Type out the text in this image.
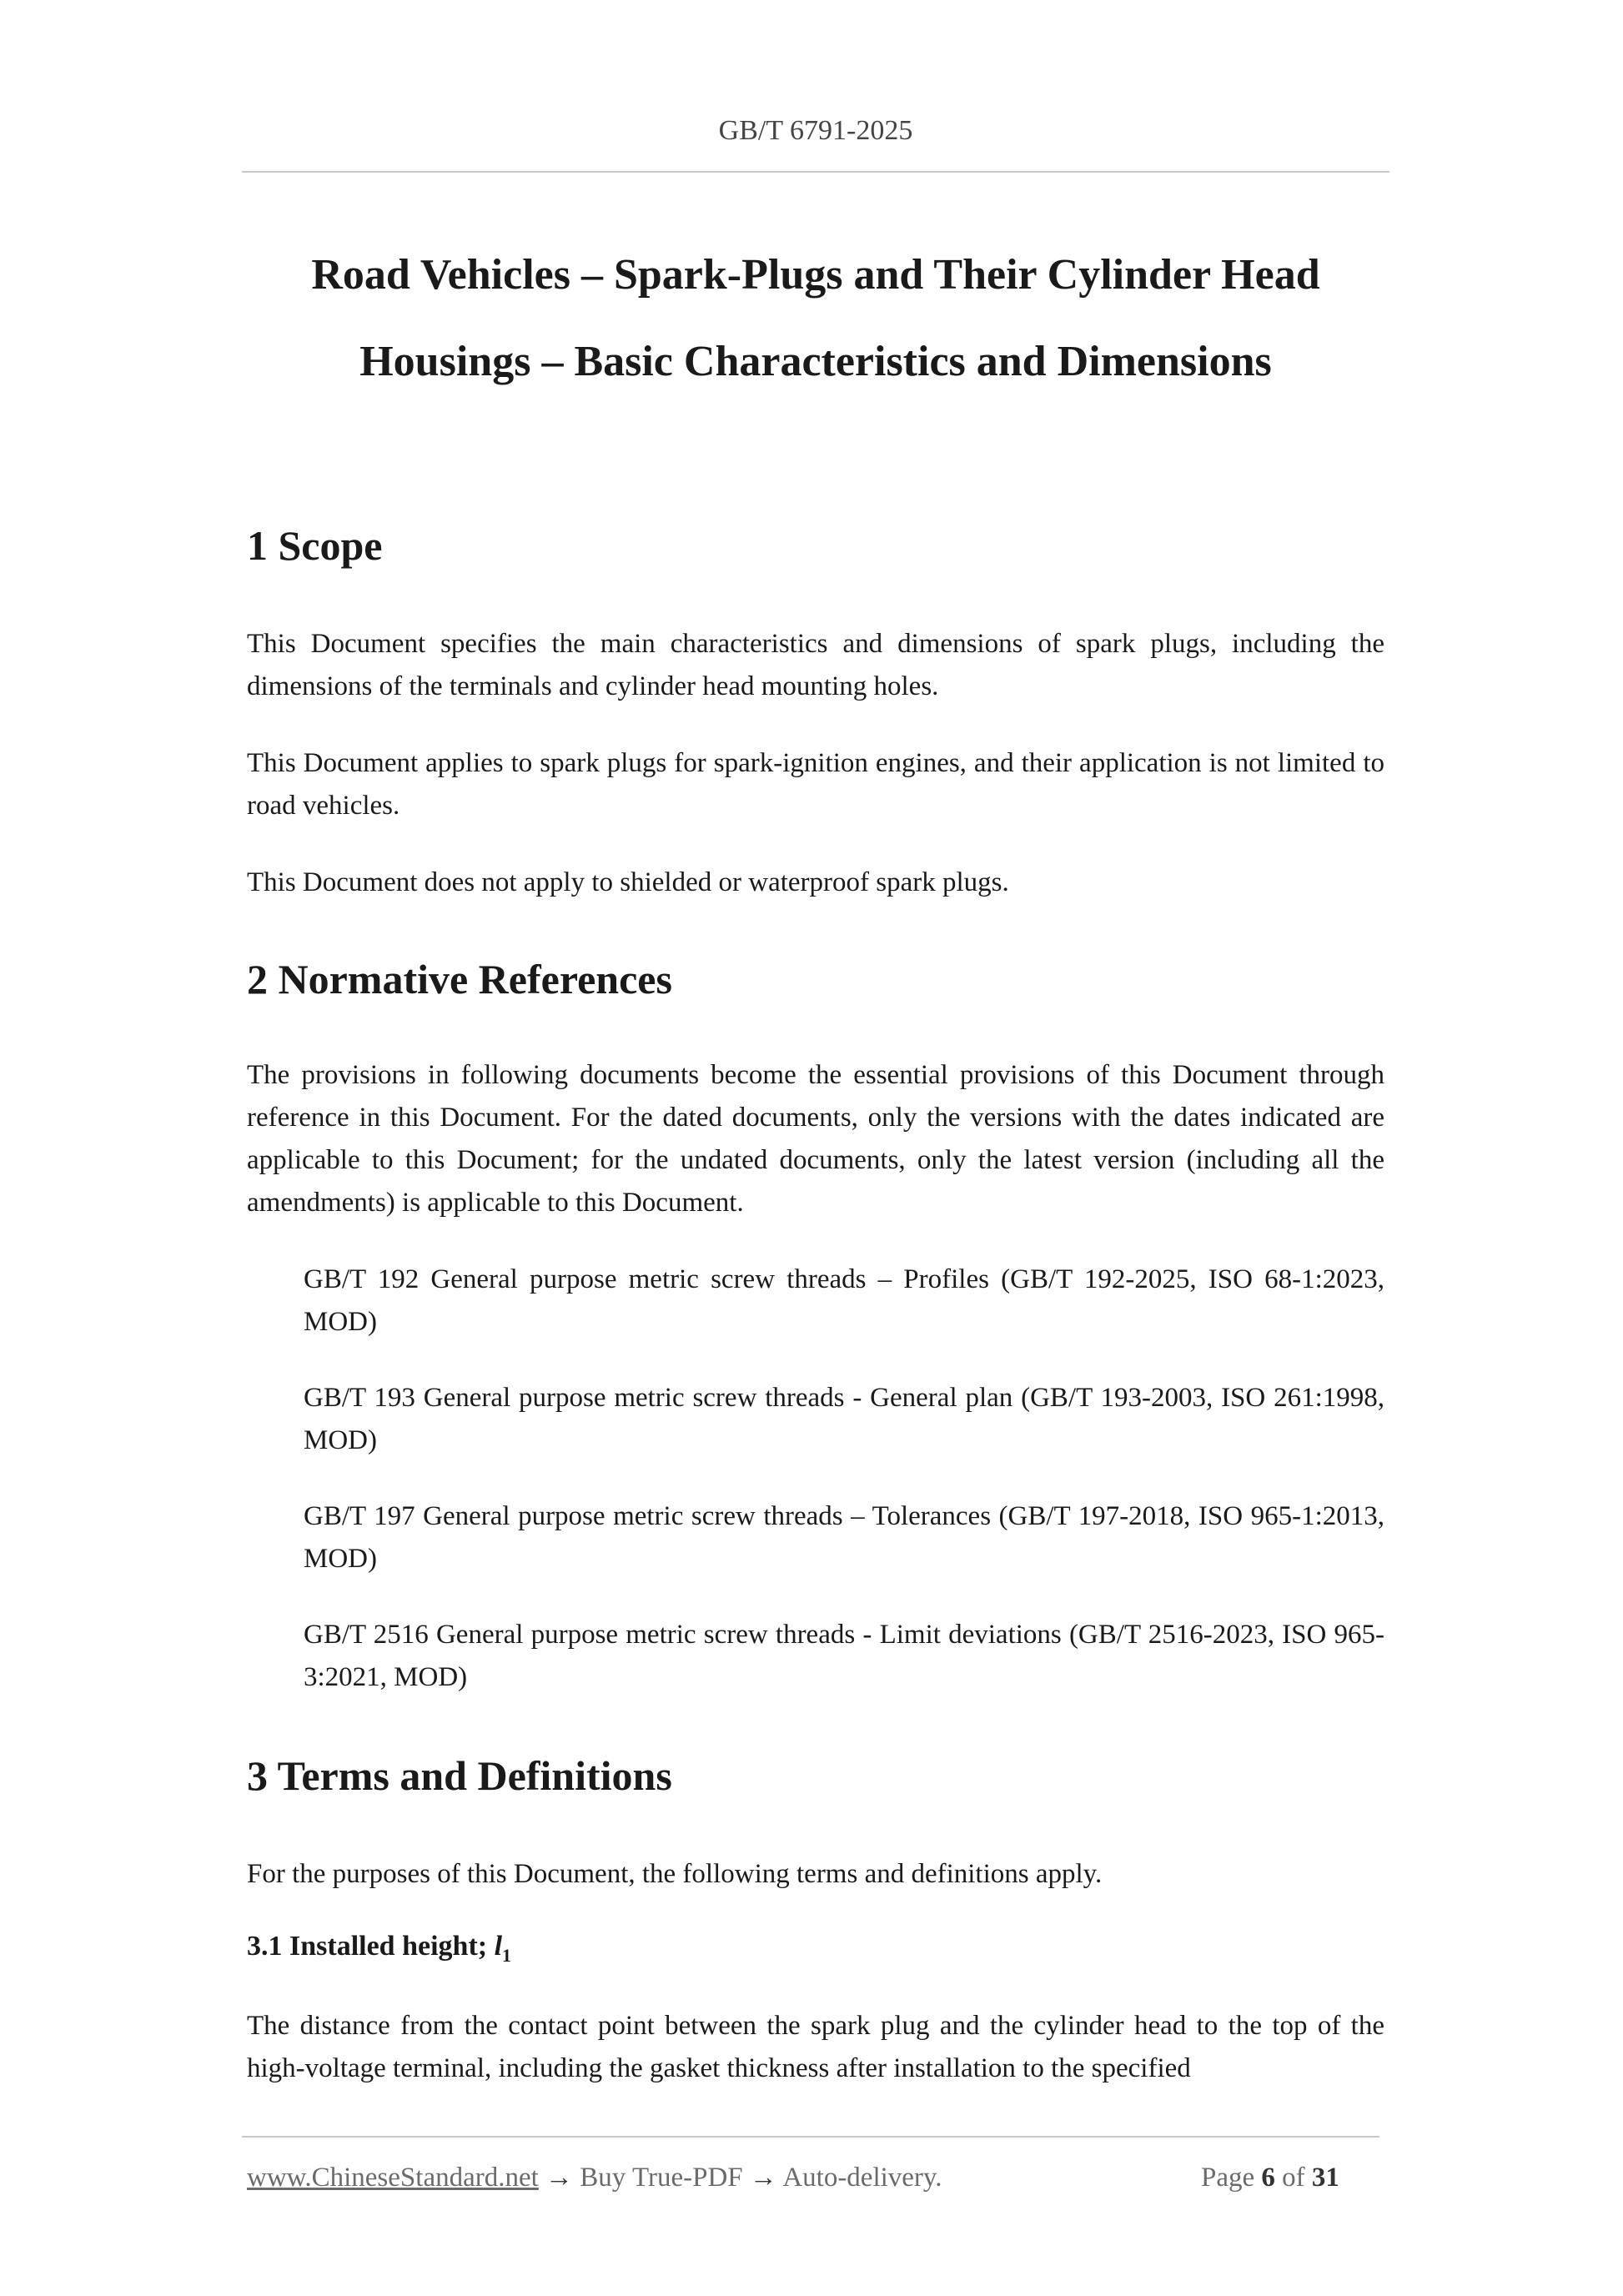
GB/T 6791-2025
Road Vehicles – Spark-Plugs and Their Cylinder Head
Housings – Basic Characteristics and Dimensions
1 Scope
This Document specifies the main characteristics and dimensions of spark plugs, including the dimensions of the terminals and cylinder head mounting holes.
This Document applies to spark plugs for spark-ignition engines, and their application is not limited to road vehicles.
This Document does not apply to shielded or waterproof spark plugs.
2 Normative References
The provisions in following documents become the essential provisions of this Document through reference in this Document. For the dated documents, only the versions with the dates indicated are applicable to this Document; for the undated documents, only the latest version (including all the amendments) is applicable to this Document.
GB/T 192 General purpose metric screw threads – Profiles (GB/T 192-2025, ISO 68-1:2023, MOD)
GB/T 193 General purpose metric screw threads - General plan (GB/T 193-2003, ISO 261:1998, MOD)
GB/T 197 General purpose metric screw threads – Tolerances (GB/T 197-2018, ISO 965-1:2013, MOD)
GB/T 2516 General purpose metric screw threads - Limit deviations (GB/T 2516-2023, ISO 965-3:2021, MOD)
3 Terms and Definitions
For the purposes of this Document, the following terms and definitions apply.
3.1 Installed height; $l_1$
The distance from the contact point between the spark plug and the cylinder head to the top of the high-voltage terminal, including the gasket thickness after installation to the specified
www.ChineseStandard.net → Buy True-PDF → Auto-delivery.	Page 6 of 31
